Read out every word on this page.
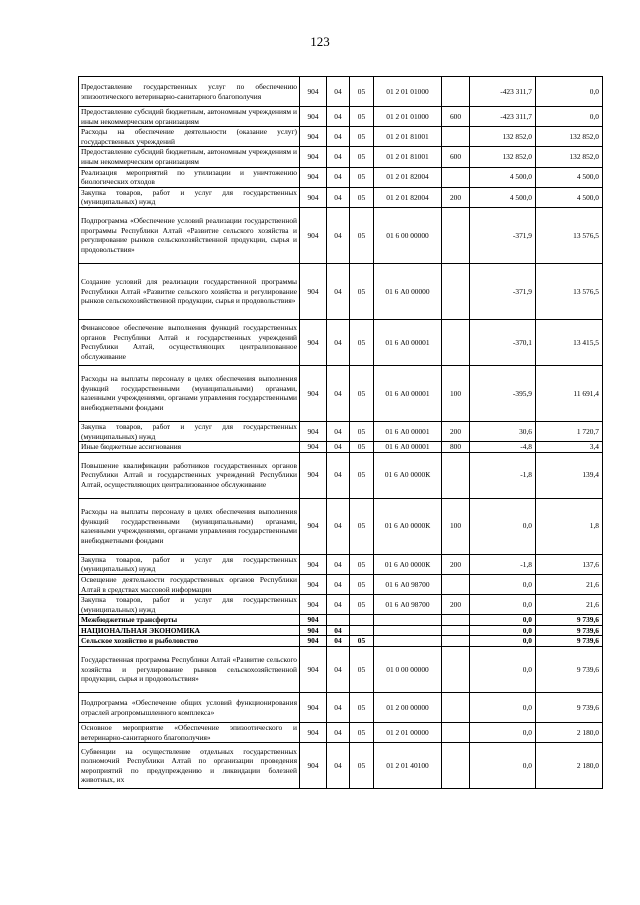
123
Предоставление государственных услуг по обеспечению эпизоотического ветеринарно-санитарного благополучия	904	04	05	01 2 01 01000		-423 311,7	0,0
Предоставление субсидий бюджетным, автономным учреждениям и иным некоммерческим организациям	904	04	05	01 2 01 01000	600	-423 311,7	0,0
Расходы на обеспечение деятельности (оказание услуг) государственных учреждений	904	04	05	01 2 01 81001		132 852,0	132 852,0
Предоставление субсидий бюджетным, автономным учреждениям и иным некоммерческим организациям	904	04	05	01 2 01 81001	600	132 852,0	132 852,0
Реализация мероприятий по утилизации и уничтожению биологических отходов	904	04	05	01 2 01 82004		4 500,0	4 500,0
Закупка товаров, работ и услуг для государственных (муниципальных) нужд	904	04	05	01 2 01 82004	200	4 500,0	4 500,0
Подпрограмма «Обеспечение условий реализации государственной программы Республики Алтай «Развитие сельского хозяйства и регулирование рынков сельскохозяйственной продукции, сырья и продовольствия»	904	04	05	01 6 00 00000		-371,9	13 576,5
Создание условий для реализации государственной программы Республики Алтай «Развитие сельского хозяйства и регулирование рынков сельскохозяйственной продукции, сырья и продовольствия»	904	04	05	01 6 А0 00000		-371,9	13 576,5
Финансовое обеспечение выполнения функций государственных органов Республики Алтай и государственных учреждений Республики Алтай, осуществляющих централизованное обслуживание	904	04	05	01 6 А0 00001		-370,1	13 415,5
Расходы на выплаты персоналу в целях обеспечения выполнения функций государственными (муниципальными) органами, казенными учреждениями, органами управления государственными внебюджетными фондами	904	04	05	01 6 А0 00001	100	-395,9	11 691,4
Закупка товаров, работ и услуг для государственных (муниципальных) нужд	904	04	05	01 6 А0 00001	200	30,6	1 720,7
Иные бюджетные ассигнования	904	04	05	01 6 А0 00001	800	-4,8	3,4
Повышение квалификации работников государственных органов Республики Алтай и государственных учреждений Республики Алтай, осуществляющих централизованное обслуживание	904	04	05	01 6 А0 0000К		-1,8	139,4
Расходы на выплаты персоналу в целях обеспечения выполнения функций государственными (муниципальными) органами, казенными учреждениями, органами управления государственными внебюджетными фондами	904	04	05	01 6 А0 0000К	100	0,0	1,8
Закупка товаров, работ и услуг для государственных (муниципальных) нужд	904	04	05	01 6 А0 0000К	200	-1,8	137,6
Освещение деятельности государственных органов Республики Алтай в средствах массовой информации	904	04	05	01 6 А0 98700		0,0	21,6
Закупка товаров, работ и услуг для государственных (муниципальных) нужд	904	04	05	01 6 А0 98700	200	0,0	21,6
Межбюджетные трансферты	904					0,0	9 739,6
НАЦИОНАЛЬНАЯ ЭКОНОМИКА	904	04				0,0	9 739,6
Сельское хозяйство и рыболовство	904	04	05			0,0	9 739,6
Государственная программа Республики Алтай «Развитие сельского хозяйства и регулирование рынков сельскохозяйственной продукции, сырья и продовольствия»	904	04	05	01 0 00 00000		0,0	9 739,6
Подпрограмма «Обеспечение общих условий функционирования отраслей агропромышленного комплекса»	904	04	05	01 2 00 00000		0,0	9 739,6
Основное мероприятие «Обеспечение эпизоотического и ветеринарно-санитарного благополучия»	904	04	05	01 2 01 00000		0,0	2 180,0
Субвенции на осуществление отдельных государственных полномочий Республики Алтай по организации проведения мероприятий по предупреждению и ликвидации болезней животных, их	904	04	05	01 2 01 40100		0,0	2 180,0
